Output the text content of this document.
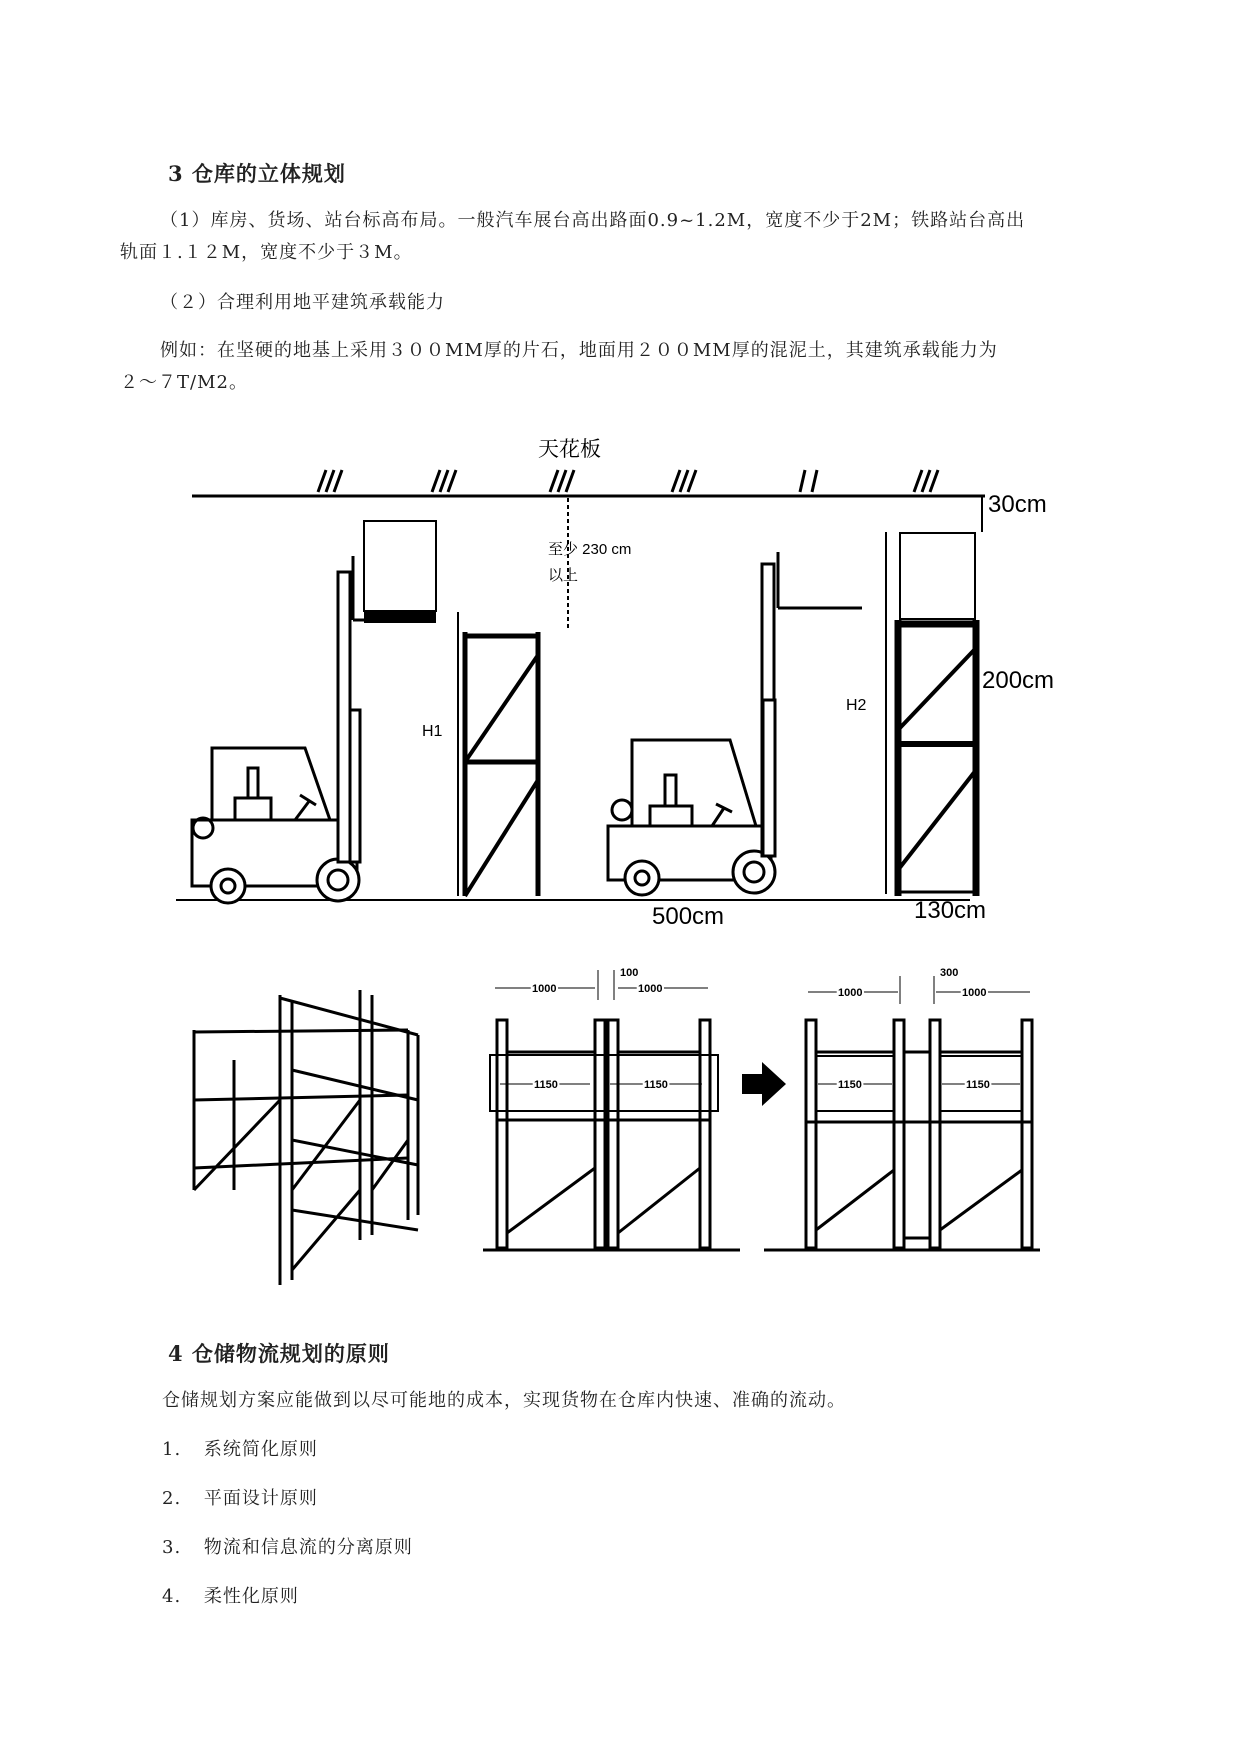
3 仓库的立体规划
（1）库房、货场、站台标高布局。一般汽车展台高出路面0.9~1.2M，宽度不少于2M；铁路站台高出
轨面１.１２M，宽度不少于３M。
（２）合理利用地平建筑承载能力
例如：在坚硬的地基上采用３００MM厚的片石，地面用２００MM厚的混泥土，其建筑承载能力为
２～７T/M2。
天花板
H1
至少 230 cm
以上
H2
30cm
200cm
500cm	130cm
100
1000	1000
1150	1150
300
1000	1000
1150	1150
4 仓储物流规划的原则
仓储规划方案应能做到以尽可能地的成本，实现货物在仓库内快速、准确的流动。
1. 系统简化原则
2. 平面设计原则
3. 物流和信息流的分离原则
4. 柔性化原则
